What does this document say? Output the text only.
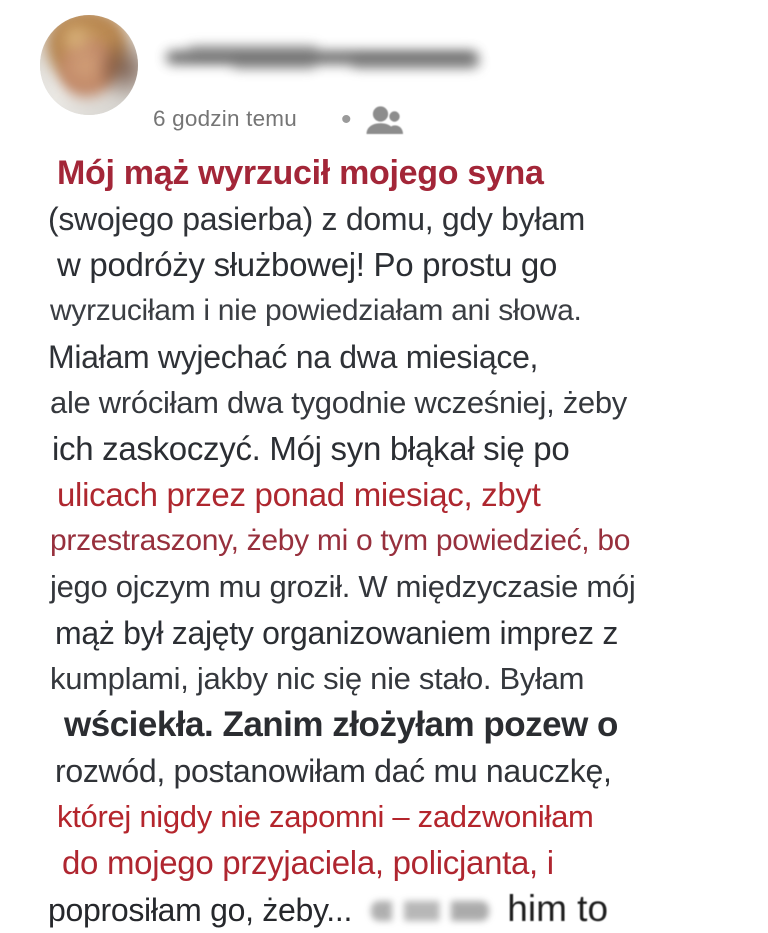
6 godzin temu •
Mój mąż wyrzucił mojego syna
(swojego pasierba) z domu, gdy byłam
w podróży służbowej! Po prostu go
wyrzuciłam i nie powiedziałam ani słowa.
Miałam wyjechać na dwa miesiące,
ale wróciłam dwa tygodnie wcześniej, żeby
ich zaskoczyć. Mój syn błąkał się po
ulicach przez ponad miesiąc, zbyt
przestraszony, żeby mi o tym powiedzieć, bo
jego ojczym mu groził. W międzyczasie mój
mąż był zajęty organizowaniem imprez z
kumplami, jakby nic się nie stało. Byłam
wściekła. Zanim złożyłam pozew o
rozwód, postanowiłam dać mu nauczkę,
której nigdy nie zapomni – zadzwoniłam
do mojego przyjaciela, policjanta, i
poprosiłam go, żeby...	him to
